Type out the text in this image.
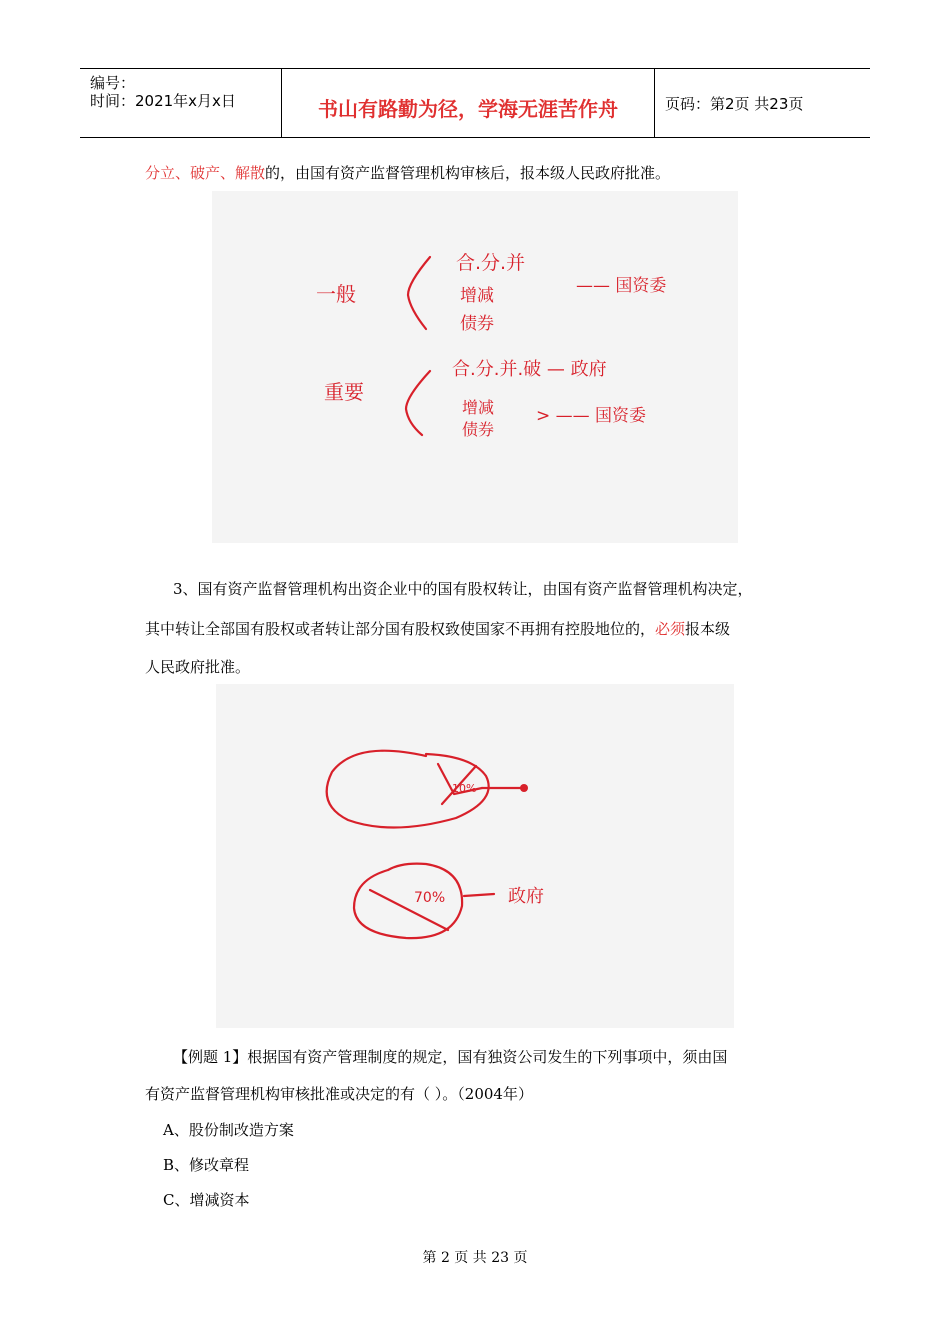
编号：
时间：2021年x月x日	书山有路勤为径，学海无涯苦作舟	页码：第2页 共23页
分立、破产、解散的，由国有资产监督管理机构审核后，报本级人民政府批准。
一般
合.分.并
增减
债券
—— 国资委
重要
合.分.并.破 — 政府
增减
债券
> —— 国资委
3、国有资产监督管理机构出资企业中的国有股权转让，由国有资产监督管理机构决定，
其中转让全部国有股权或者转让部分国有股权致使国家不再拥有控股地位的，必须报本级
人民政府批准。
10%
70%	政府
【例题 1】根据国有资产管理制度的规定，国有独资公司发生的下列事项中，须由国
有资产监督管理机构审核批准或决定的有（ ）。（2004年）
A、股份制改造方案
B、修改章程
C、增减资本
第 2 页 共 23 页
